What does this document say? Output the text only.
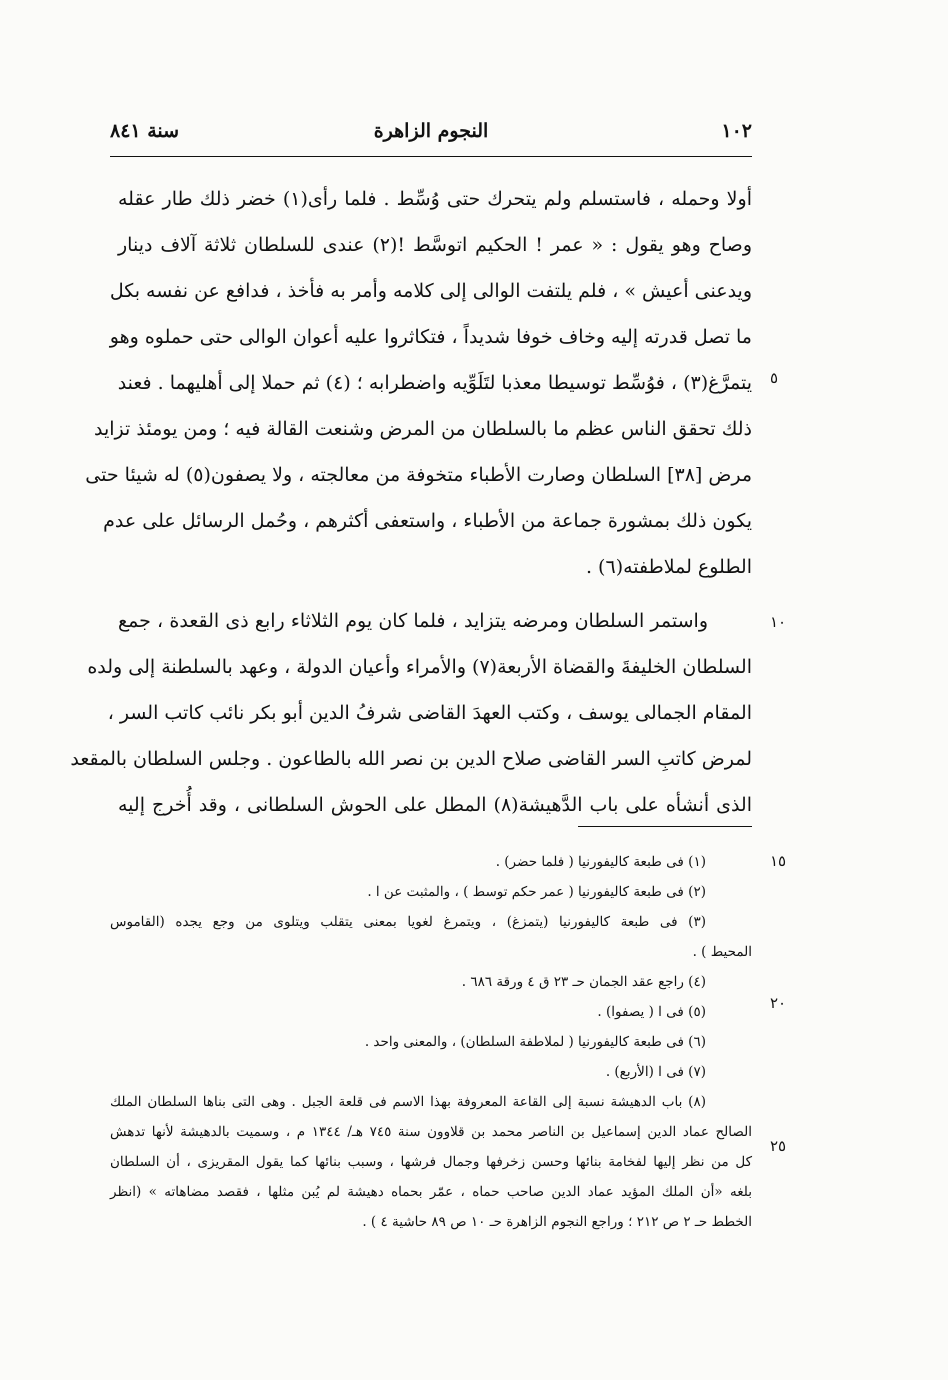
١٠٢
النجوم الزاهرة
سنة ٨٤١
أولا وحمله ، فاستسلم ولم يتحرك حتى وُسِّط . فلما رأى(١) خضر ذلك طار عقله
وصاح وهو يقول : « عمر ! الحكيم اتوسَّط !(٢) عندى للسلطان ثلاثة آلاف دينار
ويدعنى أعيش » ، فلم يلتفت الوالى إلى كلامه وأمر به فأخذ ، فدافع عن نفسه بكل
ما تصل قدرته إليه وخاف خوفا شديداً ، فتكاثروا عليه أعوان الوالى حتى حملوه وهو
يتمرَّغ(٣) ، فوُسِّط توسيطا معذبا لتَلَوِّيه واضطرابه ؛ (٤) ثم حملا إلى أهليهما . فعند
ذلك تحقق الناس عظم ما بالسلطان من المرض وشنعت القالة فيه ؛ ومن يومئذ تزايد
مرض [٣٨] السلطان وصارت الأطباء متخوفة من معالجته ، ولا يصفون(٥) له شيئا حتى
يكون ذلك بمشورة جماعة من الأطباء ، واستعفى أكثرهم ، وحُمل الرسائل على عدم
الطلوع لملاطفته(٦) .
واستمر السلطان ومرضه يتزايد ، فلما كان يوم الثلاثاء رابع ذى القعدة ، جمع
السلطان الخليفةَ والقضاة الأربعة(٧) والأمراء وأعيان الدولة ، وعهد بالسلطنة إلى ولده
المقام الجمالى يوسف ، وكتب العهدَ القاضى شرفُ الدين أبو بكر نائب كاتب السر ،
لمرض كاتبِ السر القاضى صلاح الدين بن نصر الله بالطاعون . وجلس السلطان بالمقعد
الذى أنشأه على باب الدَّهيشة(٨) المطل على الحوش السلطانى ، وقد أُخرج إليه
٥
١٠
١٥
٢٠
٢٥
(١) فى طبعة كاليفورنيا ( فلما حضر) .
(٢) فى طبعة كاليفورنيا ( عمر حكم توسط ) ، والمثبت عن ا .
(٣) فى طبعة كاليفورنيا (يتمزغ) ، ويتمرغ لغويا بمعنى يتقلب ويتلوى من وجع يجده (القاموس
المحيط ) .
(٤) راجع عقد الجمان حـ ٢٣ ق ٤ ورقة ٦٨٦ .
(٥) فى ا ( يصفوا) .
(٦) فى طبعة كاليفورنيا ( لملاطفة السلطان) ، والمعنى واحد .
(٧) فى ا (الأربع) .
(٨) باب الدهيشة نسبة إلى القاعة المعروفة بهذا الاسم فى قلعة الجبل . وهى التى بناها السلطان الملك
الصالح عماد الدين إسماعيل بن الناصر محمد بن قلاوون سنة ٧٤٥ هـ/ ١٣٤٤ م ، وسميت بالدهيشة لأنها تدهش
كل من نظر إليها لفخامة بنائها وحسن زخرفها وجمال فرشها ، وسبب بنائها كما يقول المقريزى ، أن السلطان
بلغه «أن الملك المؤيد عماد الدين صاحب حماه ، عمّر بحماه دهيشة لم يُبن مثلها ، فقصد مضاهاته » (انظر
الخطط حـ ٢ ص ٢١٢ ؛ وراجع النجوم الزاهرة حـ ١٠ ص ٨٩ حاشية ٤ ) .
